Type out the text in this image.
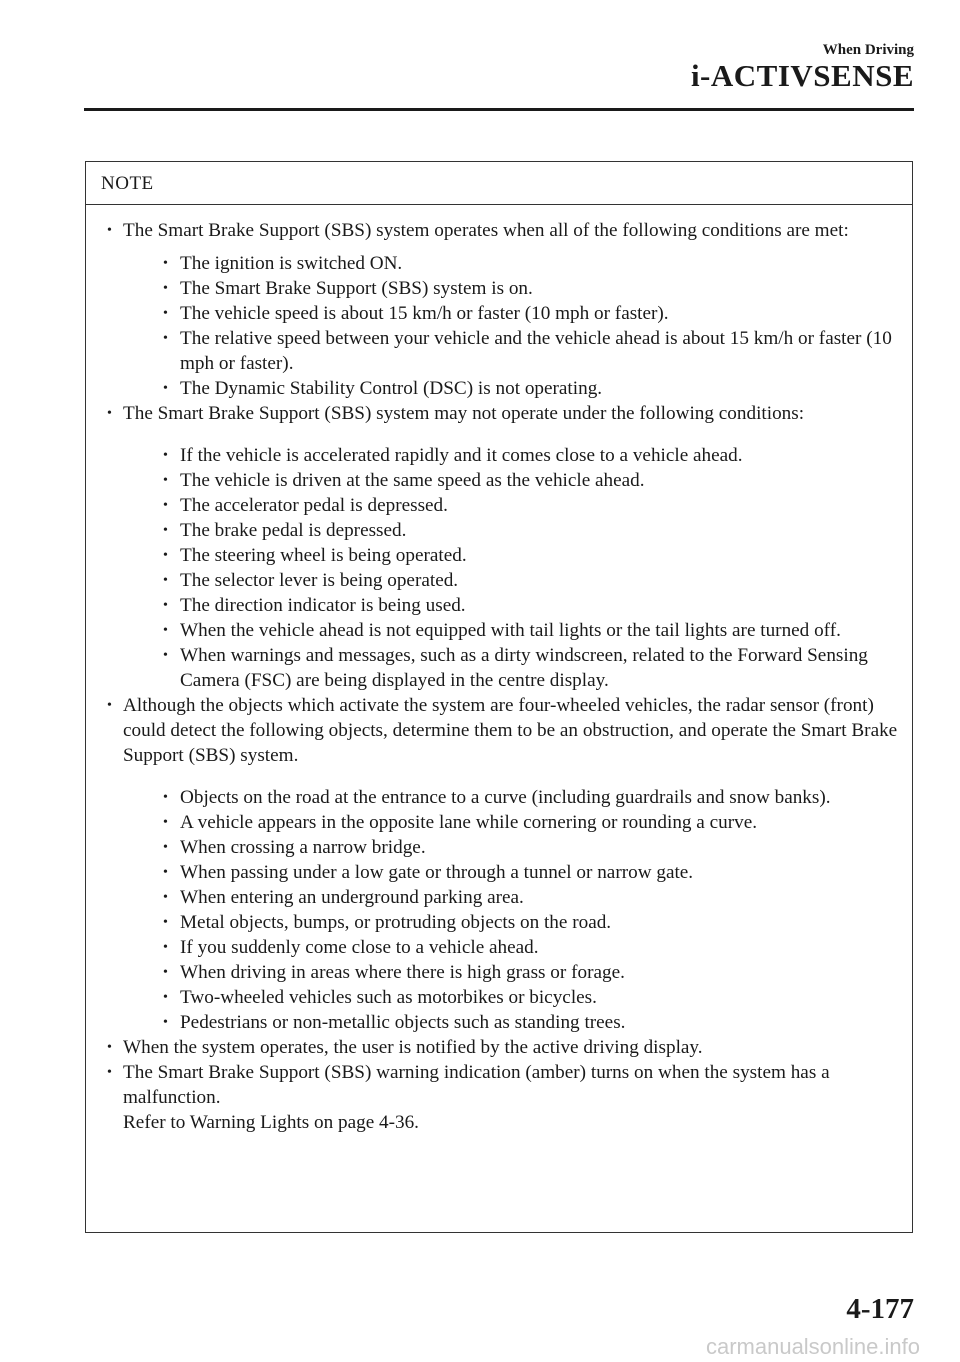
When Driving
i-ACTIVSENSE
NOTE
• The Smart Brake Support (SBS) system operates when all of the following conditions are met:
• The ignition is switched ON.
• The Smart Brake Support (SBS) system is on.
• The vehicle speed is about 15 km/h or faster (10 mph or faster).
• The relative speed between your vehicle and the vehicle ahead is about 15 km/h or faster (10 mph or faster).
• The Dynamic Stability Control (DSC) is not operating.
• The Smart Brake Support (SBS) system may not operate under the following conditions:
• If the vehicle is accelerated rapidly and it comes close to a vehicle ahead.
• The vehicle is driven at the same speed as the vehicle ahead.
• The accelerator pedal is depressed.
• The brake pedal is depressed.
• The steering wheel is being operated.
• The selector lever is being operated.
• The direction indicator is being used.
• When the vehicle ahead is not equipped with tail lights or the tail lights are turned off.
• When warnings and messages, such as a dirty windscreen, related to the Forward Sensing Camera (FSC) are being displayed in the centre display.
• Although the objects which activate the system are four-wheeled vehicles, the radar sensor (front) could detect the following objects, determine them to be an obstruction, and operate the Smart Brake Support (SBS) system.
• Objects on the road at the entrance to a curve (including guardrails and snow banks).
• A vehicle appears in the opposite lane while cornering or rounding a curve.
• When crossing a narrow bridge.
• When passing under a low gate or through a tunnel or narrow gate.
• When entering an underground parking area.
• Metal objects, bumps, or protruding objects on the road.
• If you suddenly come close to a vehicle ahead.
• When driving in areas where there is high grass or forage.
• Two-wheeled vehicles such as motorbikes or bicycles.
• Pedestrians or non-metallic objects such as standing trees.
• When the system operates, the user is notified by the active driving display.
• The Smart Brake Support (SBS) warning indication (amber) turns on when the system has a malfunction.
Refer to Warning Lights on page 4-36.
4-177
carmanualsonline.info
